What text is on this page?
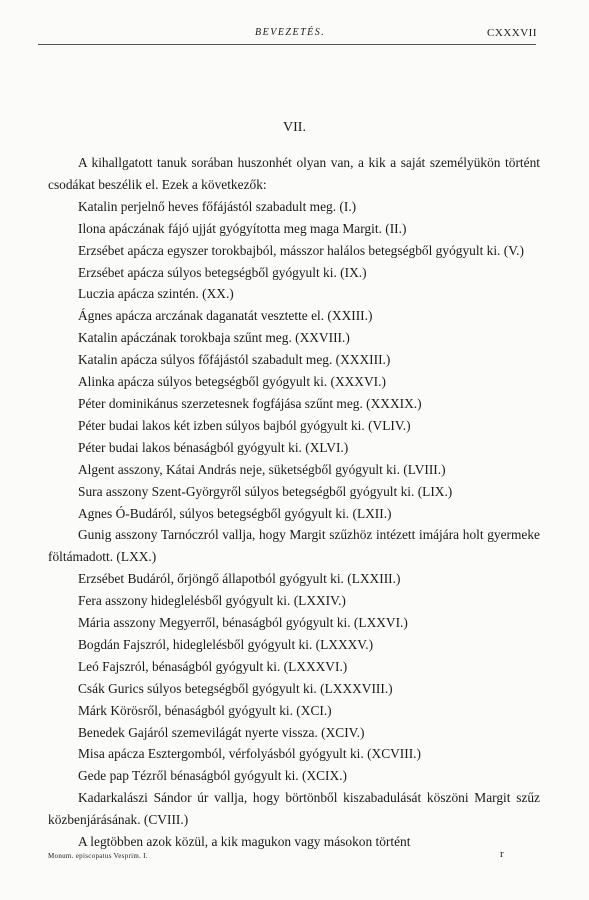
BEVEZETÉS.	CXXXVII
VII.

A kihallgatott tanuk sorában huszonhét olyan van, a kik a saját személyükön történt csodákat beszélik el. Ezek a következők:

Katalin perjelnő heves főfájástól szabadult meg. (I.)
Ilona apáczának fájó ujját gyógyította meg maga Margit. (II.)

Erzsébet apácza egyszer torokbajból, másszor halálos betegségből gyógyult ki. (V.)

Erzsébet apácza súlyos betegségből gyógyult ki. (IX.)
Luczia apácza szintén. (XX.)
Ágnes apácza arczának daganatát vesztette el. (XXIII.)
Katalin apáczának torokbaja szűnt meg. (XXVIII.)
Katalin apácza súlyos főfájástól szabadult meg. (XXXIII.)
Alinka apácza súlyos betegségből gyógyult ki. (XXXVI.)
Péter dominikánus szerzetesnek fogfájása szűnt meg. (XXXIX.)
Péter budai lakos két izben súlyos bajból gyógyult ki. (VLIV.)
Péter budai lakos bénaságból gyógyult ki. (XLVI.)
Algent asszony, Kátai András neje, süketségből gyógyult ki. (LVIII.)
Sura asszony Szent-Györgyről súlyos betegségből gyógyult ki. (LIX.)
Agnes Ó-Budáról, súlyos betegségből gyógyult ki. (LXII.)

Gunig asszony Tarnóczról vallja, hogy Margit szűzhöz intézett imájára holt gyermeke föltámadott. (LXX.)

Erzsébet Budáról, őrjöngő állapotból gyógyult ki. (LXXIII.)
Fera asszony hideglelésből gyógyult ki. (LXXIV.)
Mária asszony Megyerről, bénaságból gyógyult ki. (LXXVI.)
Bogdán Fajszról, hideglelésből gyógyult ki. (LXXXV.)
Leó Fajszról, bénaságból gyógyult ki. (LXXXVI.)
Csák Gurics súlyos betegségből gyógyult ki. (LXXXVIII.)
Márk Körösről, bénaságból gyógyult ki. (XCI.)
Benedek Gajáról szemevilágát nyerte vissza. (XCIV.)
Misa apácza Esztergomból, vérfolyásból gyógyult ki. (XCVIII.)
Gede pap Tézről bénaságból gyógyult ki. (XCIX.)

Kadarkalászi Sándor úr vallja, hogy börtönből kiszabadulását köszöni Margit szűz közbenjárásának. (CVIII.)

A legtöbben azok közül, a kik magukon vagy másokon történt

Monum. episcopatus Vesprim. I.	r
